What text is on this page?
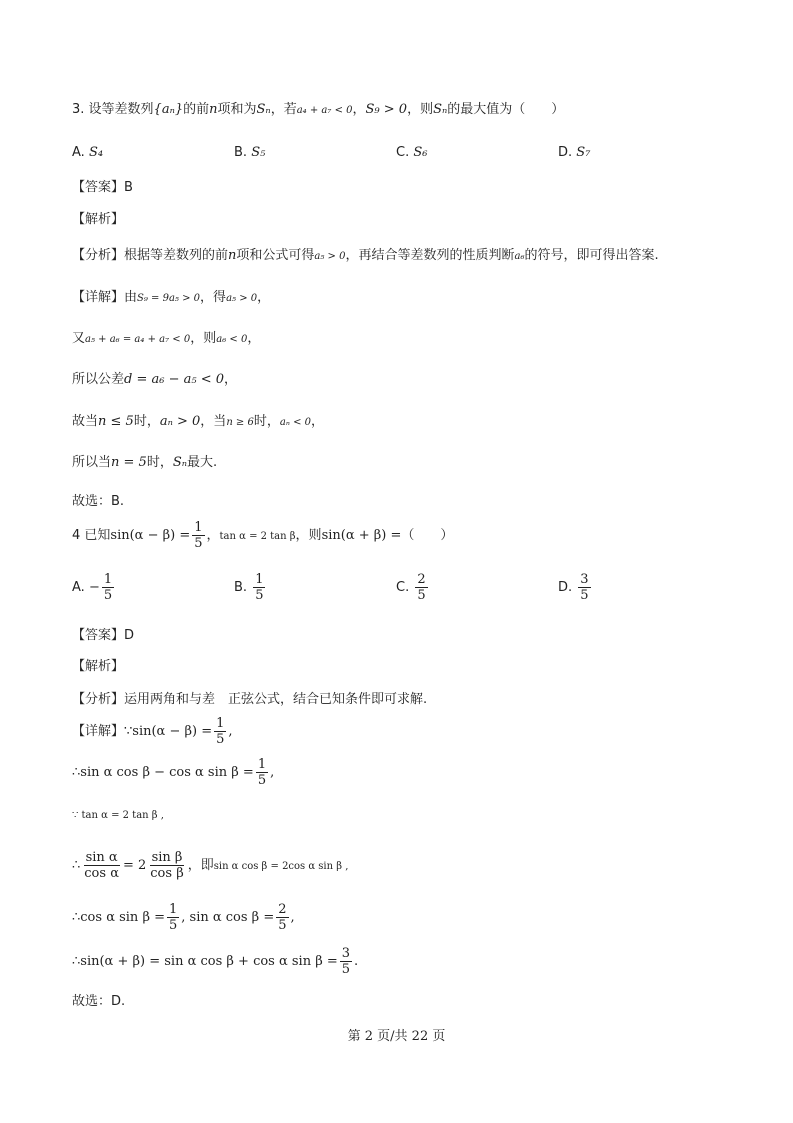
3. 设等差数列{aₙ}的前n项和为Sₙ，若a₄ + a₇ < 0，S₉ > 0，则Sₙ的最大值为（　　）
A. S₄	B. S₅	C. S₆	D. S₇
【答案】B
【解析】
【分析】根据等差数列的前n项和公式可得a₅ > 0，再结合等差数列的性质判断a₆的符号，即可得出答案.
【详解】由S₉ = 9a₅ > 0，得a₅ > 0，
又a₅ + a₆ = a₄ + a₇ < 0，则a₆ < 0，
所以公差d = a₆ − a₅ < 0，
故当n ≤ 5时，aₙ > 0，当n ≥ 6时，aₙ < 0，
所以当n = 5时，Sₙ最大.
故选：B.
4 已知$\sin(\alpha - \beta) = \frac{1}{5}$ ，tan α = 2 tan β，则sin(α + β) =（　　）
A. − $\frac{1}{5}$	B. $\frac{1}{5}$	C. $\frac{2}{5}$	D. $\frac{3}{5}$
【答案】D
【解析】
【分析】运用两角和与差　正弦公式，结合已知条件即可求解.
【详解】∵sin(α − $\beta) = \frac{1}{5}$ ,
∴sin α cos β − cos α $\sin \beta = \frac{1}{5}$ ,
∵ tan α = 2 tan β ,
∴ $\frac{\text{sin α}}{\text{cos α}} = 2 \frac{\text{sin β}}{\text{cos β}}$ ，即sin α cos β = 2cos α sin β ,
∴cos α $\sin \beta = \frac{1}{5}$ , sin α $\cos \beta = \frac{2}{5}$ ,
∴sin(α + β) = sin α cos β + cos α $\sin \beta = \frac{3}{5}$ .
故选：D.
第 2 页/共 22 页
